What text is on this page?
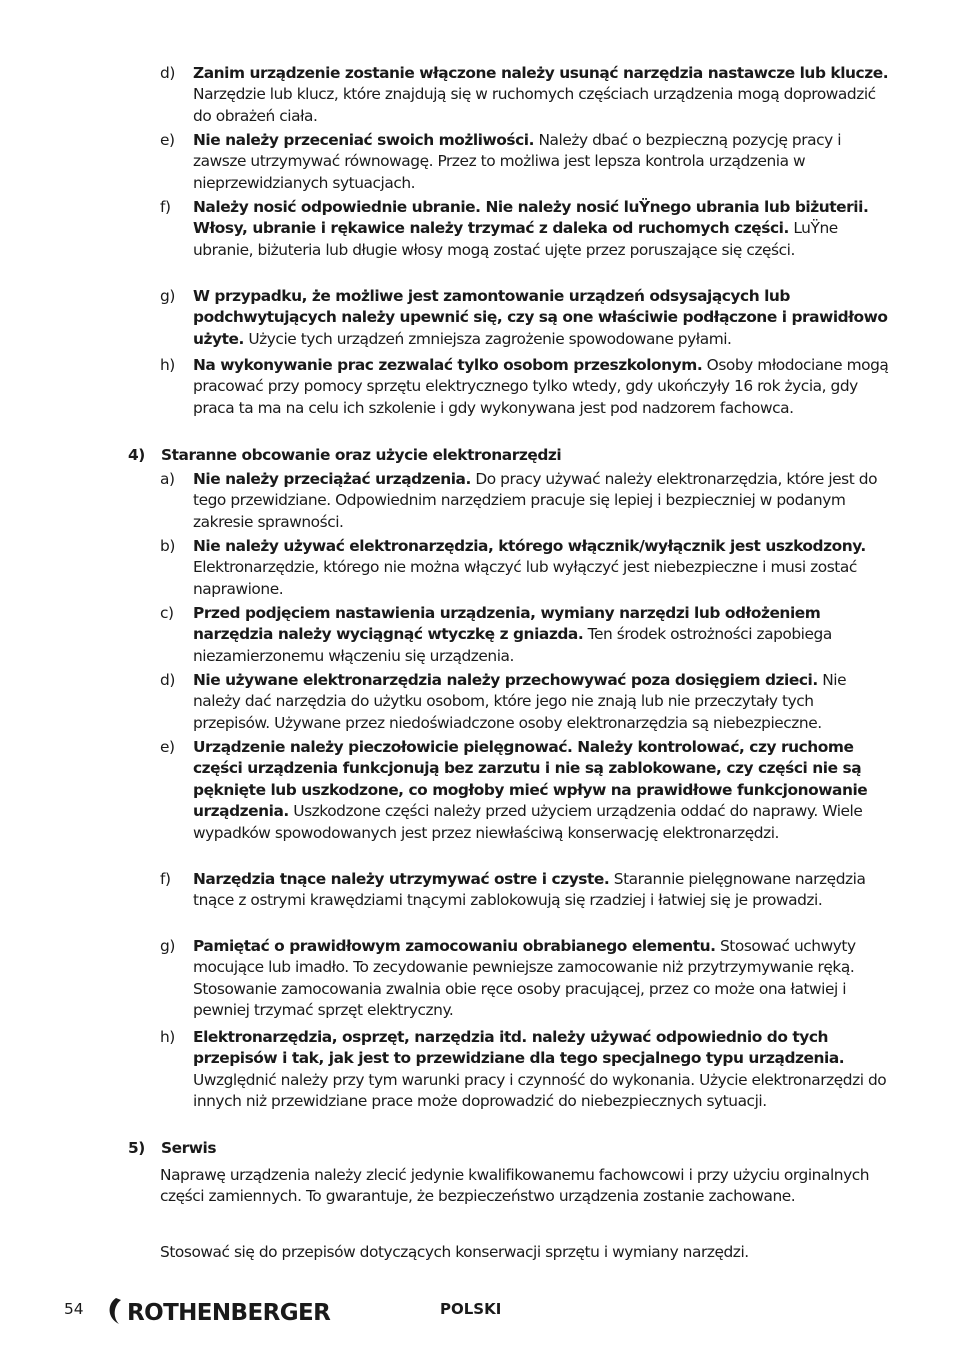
d) Zanim urządzenie zostanie włączone należy usunąć narzędzia nastawcze lub klucze. Narzędzie lub klucz, które znajdują się w ruchomych częściach urządzenia mogą doprowadzić do obrażeń ciała.
e) Nie należy przeceniać swoich możliwości. Należy dbać o bezpieczną pozycję pracy i zawsze utrzymywać równowagę. Przez to możliwa jest lepsza kontrola urządzenia w nieprzewidzianych sytuacjach.
f) Należy nosić odpowiednie ubranie. Nie należy nosić luŸnego ubrania lub biżuterii. Włosy, ubranie i rękawice należy trzymać z daleka od ruchomych części. LuŸne ubranie, biżuteria lub długie włosy mogą zostać ujęte przez poruszające się części.
g) W przypadku, że możliwe jest zamontowanie urządzeń odsysających lub podchwytujących należy upewnić się, czy są one właściwie podłączone i prawidłowo użyte. Użycie tych urządzeń zmniejsza zagrożenie spowodowane pyłami.
h) Na wykonywanie prac zezwalać tylko osobom przeszkolonym. Osoby młodociane mogą pracować przy pomocy sprzętu elektrycznego tylko wtedy, gdy ukończyły 16 rok życia, gdy praca ta ma na celu ich szkolenie i gdy wykonywana jest pod nadzorem fachowca.
4) Staranne obcowanie oraz użycie elektronarzędzi
a) Nie należy przeciążać urządzenia. Do pracy używać należy elektronarzędzia, które jest do tego przewidziane. Odpowiednim narzędziem pracuje się lepiej i bezpieczniej w podanym zakresie sprawności.
b) Nie należy używać elektronarzędzia, którego włącznik/wyłącznik jest uszkodzony. Elektronarzędzie, którego nie można włączyć lub wyłączyć jest niebezpieczne i musi zostać naprawione.
c) Przed podjęciem nastawienia urządzenia, wymiany narzędzi lub odłożeniem narzędzia należy wyciągnąć wtyczkę z gniazda. Ten środek ostrożności zapobiega niezamierzonemu włączeniu się urządzenia.
d) Nie używane elektronarzędzia należy przechowywać poza dosięgiem dzieci. Nie należy dać narzędzia do użytku osobom, które jego nie znają lub nie przeczytały tych przepisów. Używane przez niedoświadczone osoby elektronarzędzia są niebezpieczne.
e) Urządzenie należy pieczołowicie pielęgnować. Należy kontrolować, czy ruchome części urządzenia funkcjonują bez zarzutu i nie są zablokowane, czy części nie są pęknięte lub uszkodzone, co mogłoby mieć wpływ na prawidłowe funkcjonowanie urządzenia. Uszkodzone części należy przed użyciem urządzenia oddać do naprawy. Wiele wypadków spowodowanych jest przez niewłaściwą konserwację elektronarzędzi.
f) Narzędzia tnące należy utrzymywać ostre i czyste. Starannie pielęgnowane narzędzia tnące z ostrymi krawędziami tnącymi zablokowują się rzadziej i łatwiej się je prowadzi.
g) Pamiętać o prawidłowym zamocowaniu obrabianego elementu. Stosować uchwyty mocujące lub imadło. To zecydowanie pewniejsze zamocowanie niż przytrzymywanie ręką. Stosowanie zamocowania zwalnia obie ręce osoby pracującej, przez co może ona łatwiej i pewniej trzymać sprzęt elektryczny.
h) Elektronarzędzia, osprzęt, narzędzia itd. należy używać odpowiednio do tych przepisów i tak, jak jest to przewidziane dla tego specjalnego typu urządzenia. Uwzględnić należy przy tym warunki pracy i czynność do wykonania. Użycie elektronarzędzi do innych niż przewidziane prace może doprowadzić do niebezpiecznych sytuacji.
5) Serwis
Naprawę urządzenia należy zlecić jedynie kwalifikowanemu fachowcowi i przy użyciu orginalnych części zamiennych. To gwarantuje, że bezpieczeństwo urządzenia zostanie zachowane.
Stosować się do przepisów dotyczących konserwacji sprzętu i wymiany narzędzi.
54 ROTHENBERGER	POLSKI
